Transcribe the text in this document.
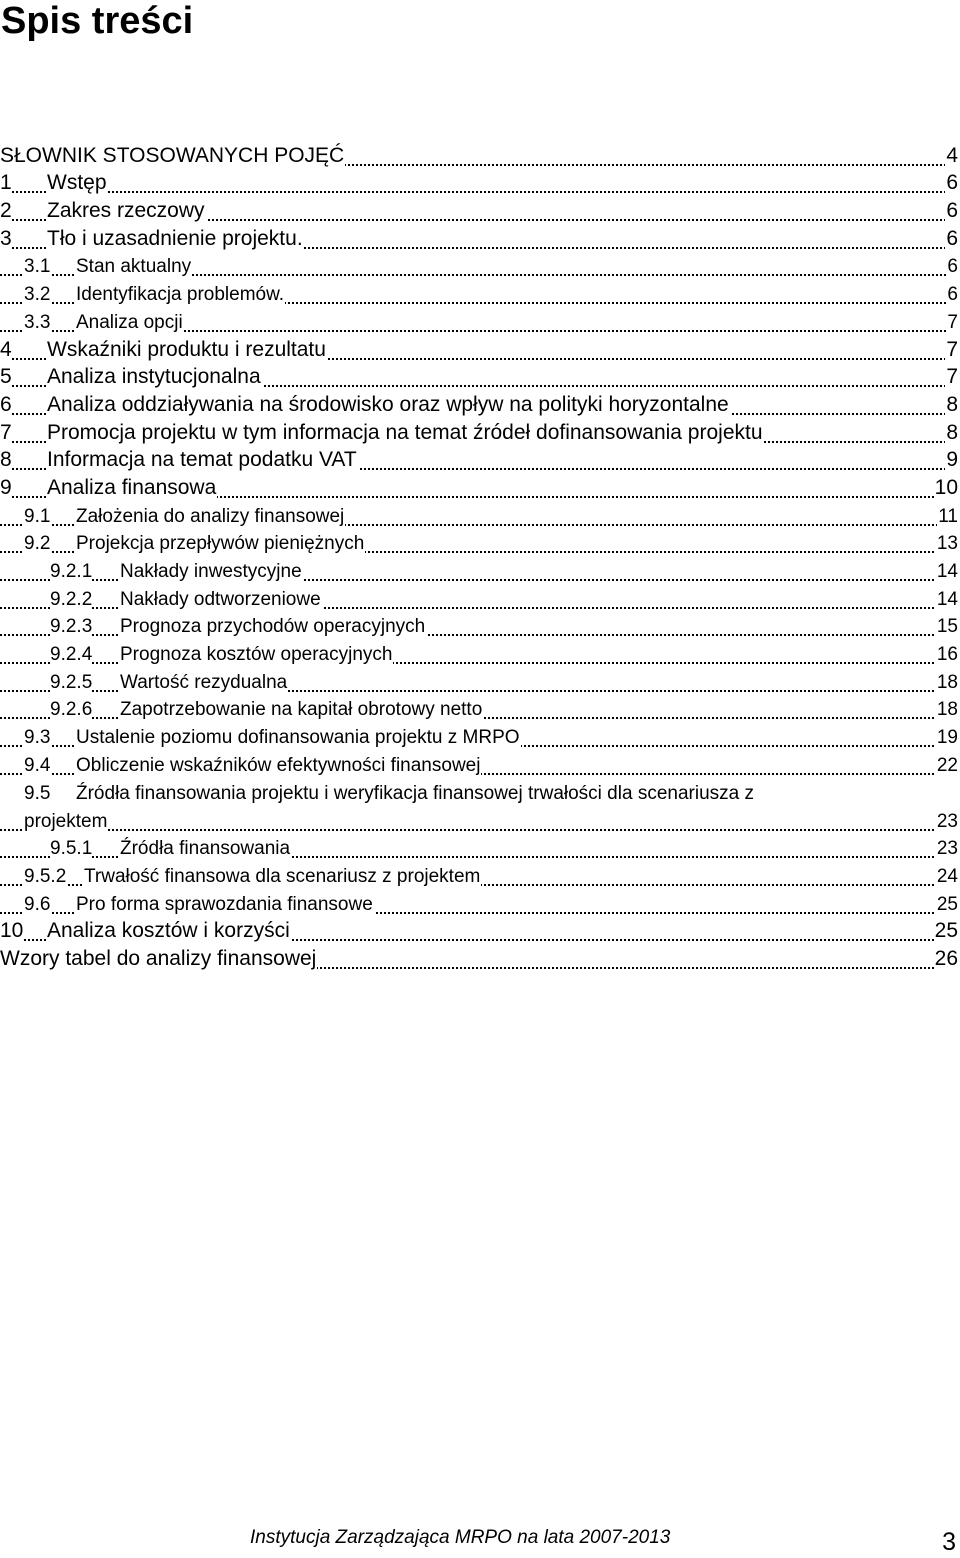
Spis treści
SŁOWNIK STOSOWANYCH POJĘĆ	4
1 Wstęp	6
2 Zakres rzeczowy	6
3 Tło i uzasadnienie projektu.	6
3.1 Stan aktualny	6
3.2 Identyfikacja problemów.	6
3.3 Analiza opcji	7
4 Wskaźniki produktu i rezultatu	7
5 Analiza instytucjonalna	7
6 Analiza oddziaływania na środowisko oraz wpływ na polityki horyzontalne	8
7 Promocja projektu w tym informacja na temat źródeł dofinansowania projektu	8
8 Informacja na temat podatku VAT	9
9 Analiza finansowa	10
9.1 Założenia do analizy finansowej	11
9.2 Projekcja przepływów pieniężnych	13
9.2.1 Nakłady inwestycyjne	14
9.2.2 Nakłady odtworzeniowe	14
9.2.3 Prognoza przychodów operacyjnych	15
9.2.4 Prognoza kosztów operacyjnych	16
9.2.5 Wartość rezydualna	18
9.2.6 Zapotrzebowanie na kapitał obrotowy netto	18
9.3 Ustalenie poziomu dofinansowania projektu z MRPO	19
9.4 Obliczenie wskaźników efektywności finansowej	22
9.5 Źródła finansowania projektu i weryfikacja finansowej trwałości dla scenariusza z
projektem	23
9.5.1 Źródła finansowania	23
9.5.2 Trwałość finansowa dla scenariusz z projektem	24
9.6 Pro forma sprawozdania finansowe	25
10 Analiza kosztów i korzyści	25
Wzory tabel do analizy finansowej	26
Instytucja Zarządzająca MRPO na lata 2007-2013	3
